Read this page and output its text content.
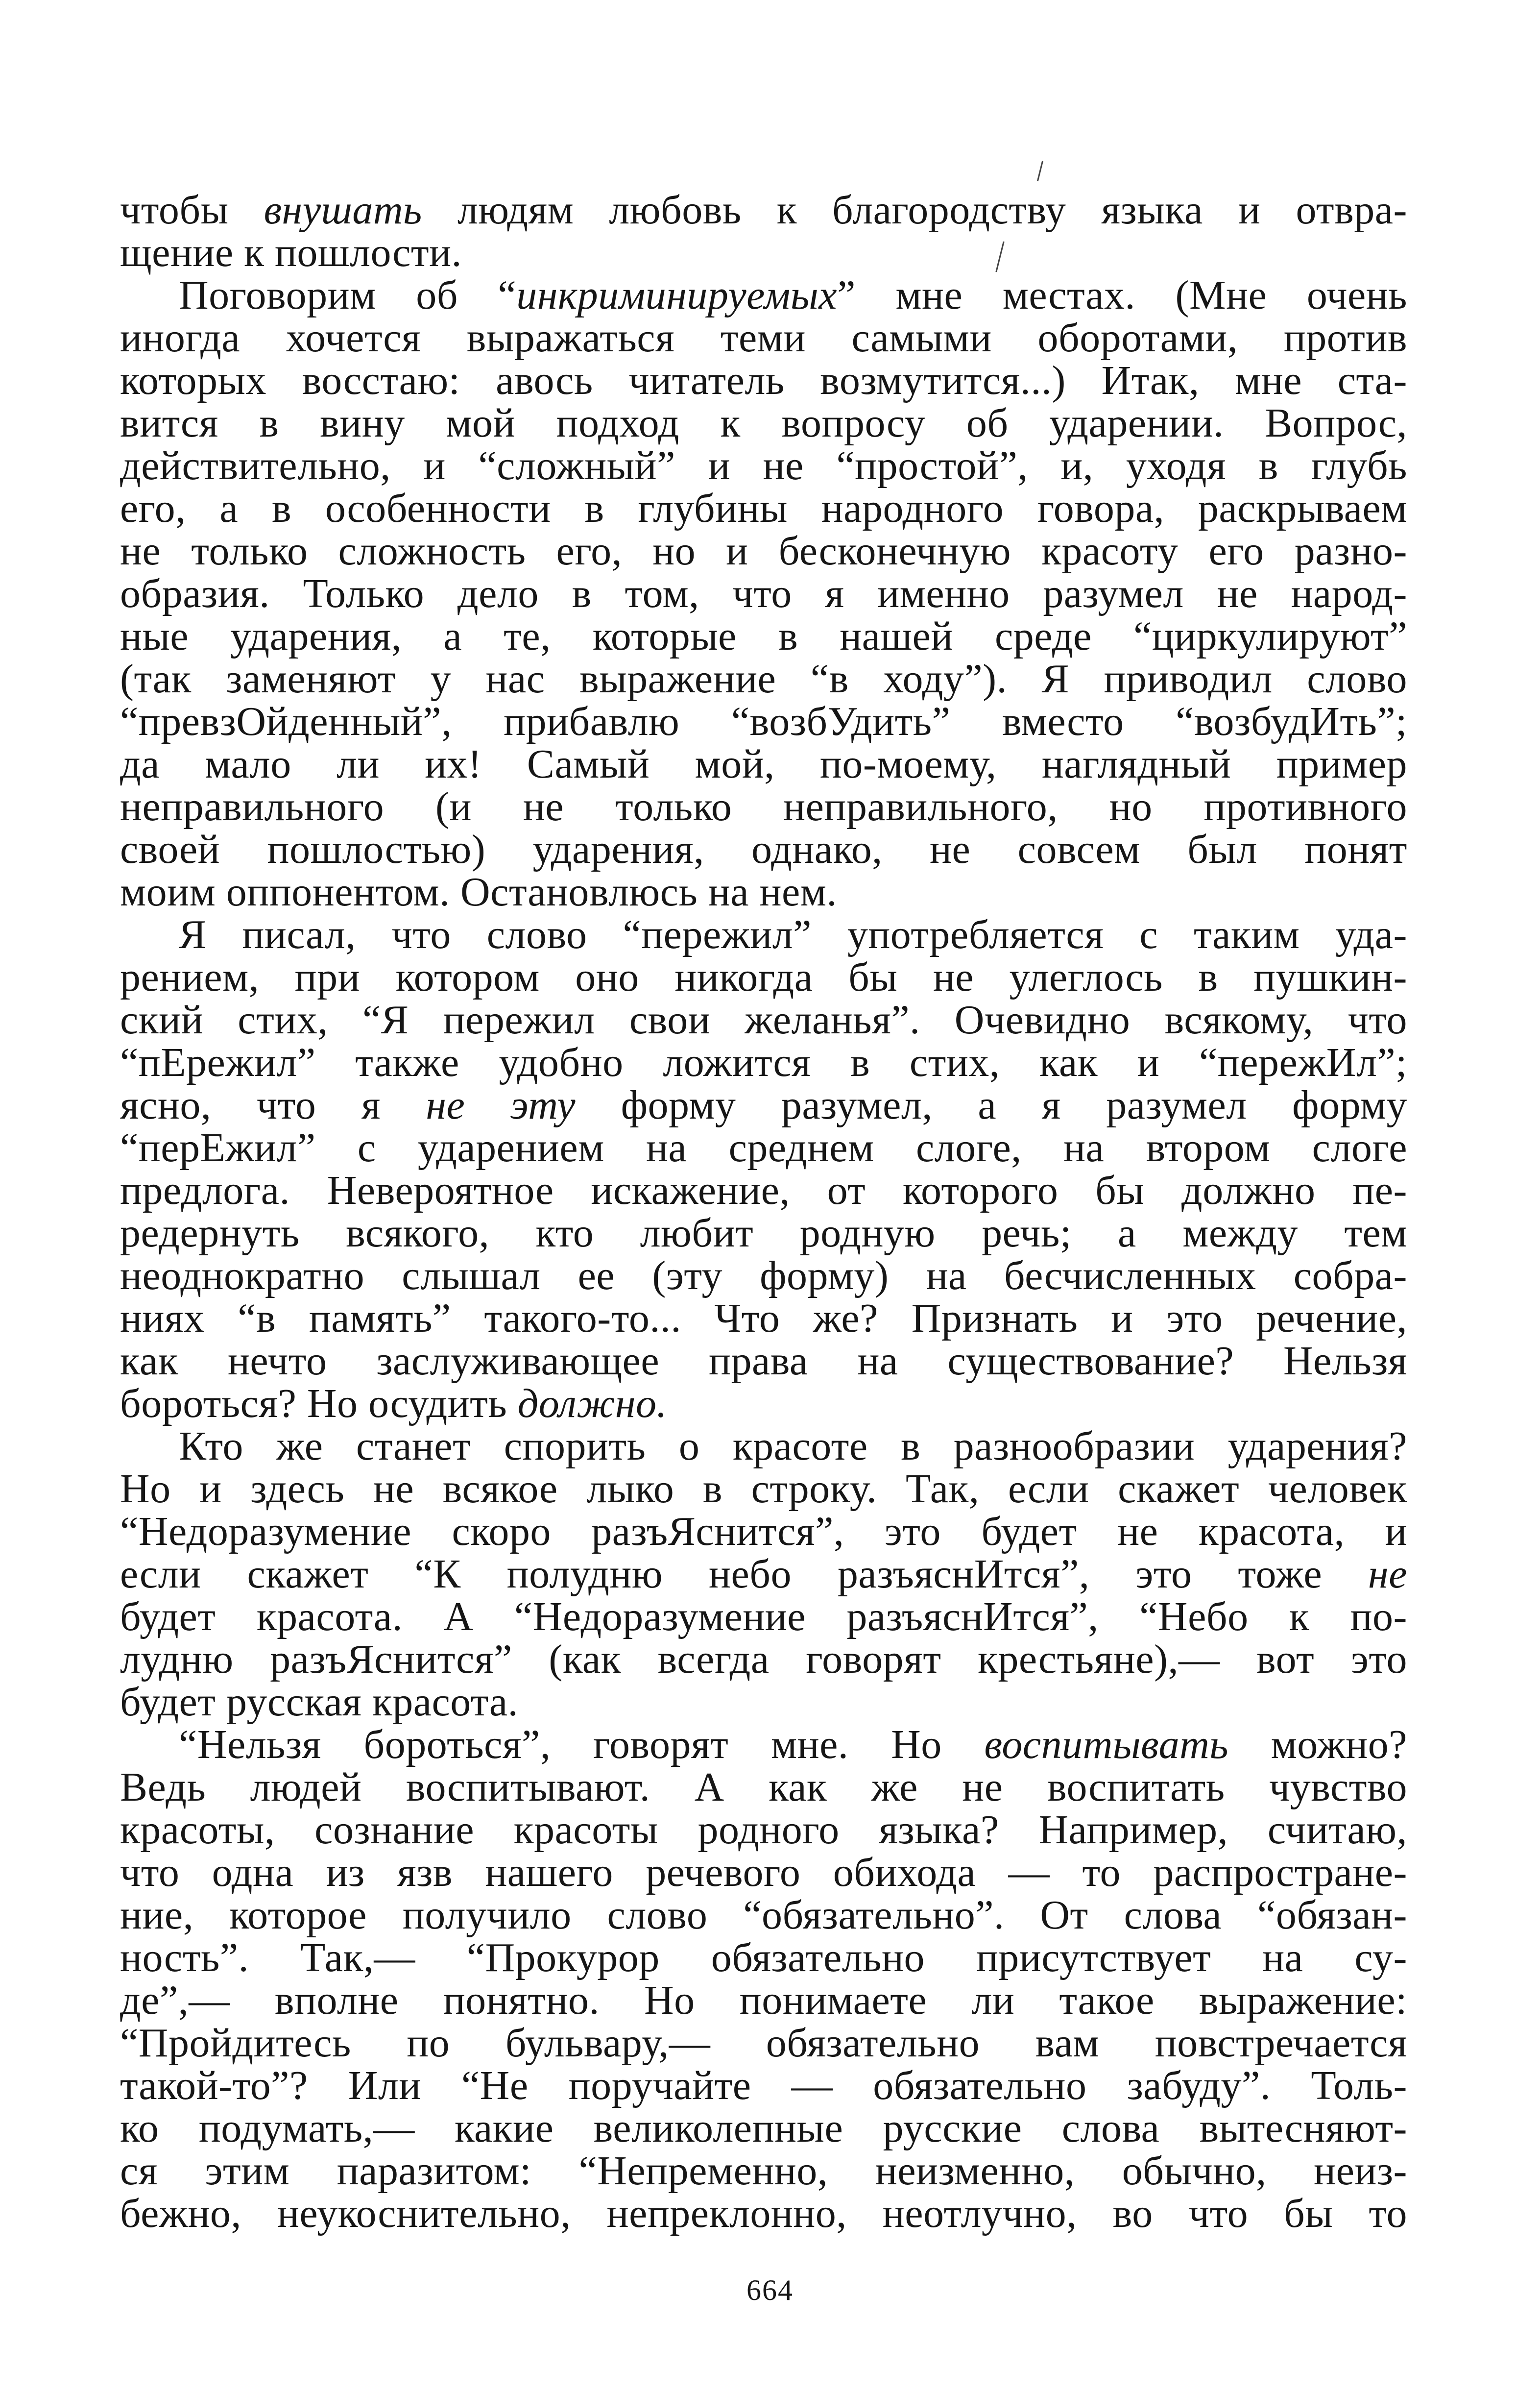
чтобы внушать людям любовь к благородству языка и отвра-
щение к пошлости.
Поговорим об “инкриминируемых” мне местах. (Мне очень
иногда хочется выражаться теми самыми оборотами, против
которых восстаю: авось читатель возмутится...) Итак, мне ста-
вится в вину мой подход к вопросу об ударении. Вопрос,
действительно, и “сложный” и не “простой”, и, уходя в глубь
его, а в особенности в глубины народного говора, раскрываем
не только сложность его, но и бесконечную красоту его разно-
образия. Только дело в том, что я именно разумел не народ-
ные ударения, а те, которые в нашей среде “циркулируют”
(так заменяют у нас выражение “в ходу”). Я приводил слово
“превзОйденный”, прибавлю “возбУдить” вместо “возбудИть”;
да мало ли их! Самый мой, по-моему, наглядный пример
неправильного (и не только неправильного, но противного
своей пошлостью) ударения, однако, не совсем был понят
моим оппонентом. Остановлюсь на нем.
Я писал, что слово “пережил” употребляется с таким уда-
рением, при котором оно никогда бы не улеглось в пушкин-
ский стих, “Я пережил свои желанья”. Очевидно всякому, что
“пЕрежил” также удобно ложится в стих, как и “пережИл”;
ясно, что я не эту форму разумел, а я разумел форму
“перЕжил” с ударением на среднем слоге, на втором слоге
предлога. Невероятное искажение, от которого бы должно пе-
редернуть всякого, кто любит родную речь; а между тем
неоднократно слышал ее (эту форму) на бесчисленных собра-
ниях “в память” такого-то... Что же? Признать и это речение,
как нечто заслуживающее права на существование? Нельзя
бороться? Но осудить должно.
Кто же станет спорить о красоте в разнообразии ударения?
Но и здесь не всякое лыко в строку. Так, если скажет человек
“Недоразумение скоро разъЯснится”, это будет не красота, и
если скажет “К полудню небо разъяснИтся”, это тоже не
будет красота. А “Недоразумение разъяснИтся”, “Небо к по-
лудню разъЯснится” (как всегда говорят крестьяне),— вот это
будет русская красота.
“Нельзя бороться”, говорят мне. Но воспитывать можно?
Ведь людей воспитывают. А как же не воспитать чувство
красоты, сознание красоты родного языка? Например, считаю,
что одна из язв нашего речевого обихода — то распростране-
ние, которое получило слово “обязательно”. От слова “обязан-
ность”. Так,— “Прокурор обязательно присутствует на су-
де”,— вполне понятно. Но понимаете ли такое выражение:
“Пройдитесь по бульвару,— обязательно вам повстречается
такой-то”? Или “Не поручайте — обязательно забуду”. Толь-
ко подумать,— какие великолепные русские слова вытесняют-
ся этим паразитом: “Непременно, неизменно, обычно, неиз-
бежно, неукоснительно, непреклонно, неотлучно, во что бы то
664
